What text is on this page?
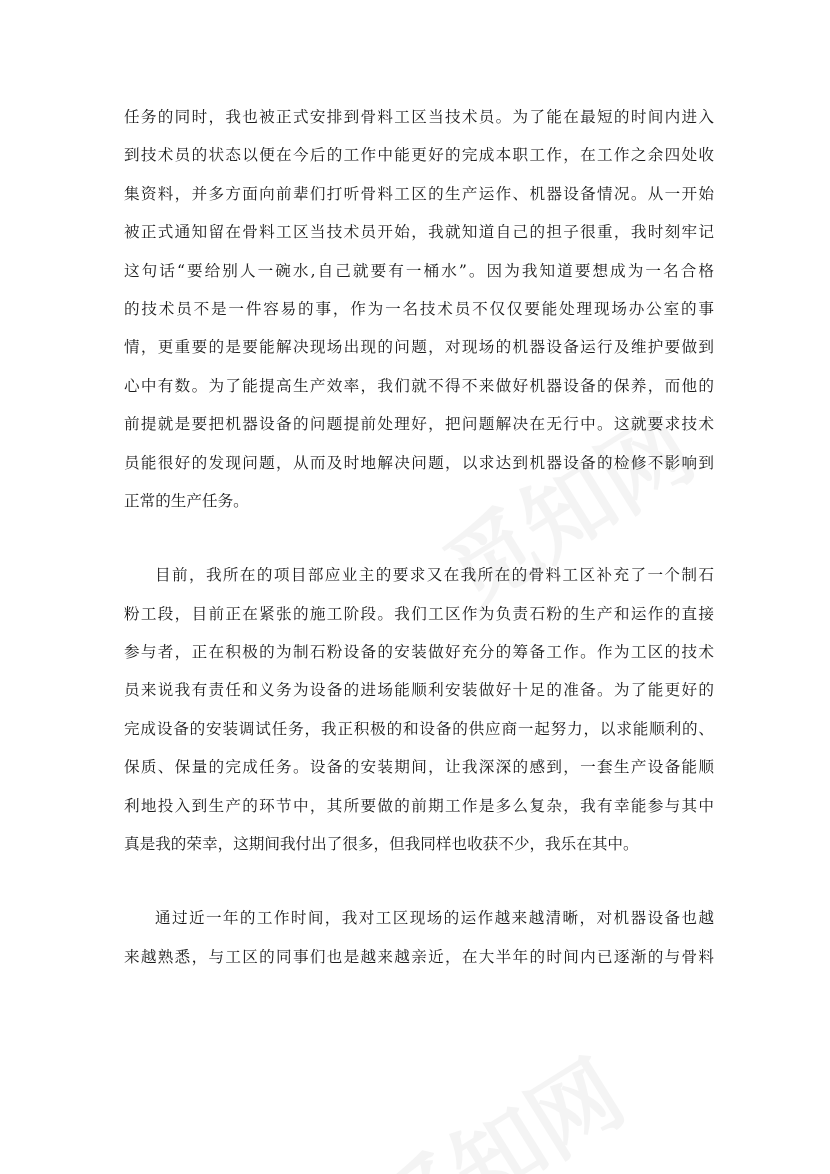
任务的同时，我也被正式安排到骨料工区当技术员。为了能在最短的时间内进入
到技术员的状态以便在今后的工作中能更好的完成本职工作，在工作之余四处收
集资料，并多方面向前辈们打听骨料工区的生产运作、机器设备情况。从一开始
被正式通知留在骨料工区当技术员开始，我就知道自己的担子很重，我时刻牢记
这句话“要给别人一碗水,自己就要有一桶水”。因为我知道要想成为一名合格
的技术员不是一件容易的事，作为一名技术员不仅仅要能处理现场办公室的事
情，更重要的是要能解决现场出现的问题，对现场的机器设备运行及维护要做到
心中有数。为了能提高生产效率，我们就不得不来做好机器设备的保养，而他的
前提就是要把机器设备的问题提前处理好，把问题解决在无行中。这就要求技术
员能很好的发现问题，从而及时地解决问题，以求达到机器设备的检修不影响到
正常的生产任务。
目前，我所在的项目部应业主的要求又在我所在的骨料工区补充了一个制石
粉工段，目前正在紧张的施工阶段。我们工区作为负责石粉的生产和运作的直接
参与者，正在积极的为制石粉设备的安装做好充分的筹备工作。作为工区的技术
员来说我有责任和义务为设备的进场能顺利安装做好十足的准备。为了能更好的
完成设备的安装调试任务，我正积极的和设备的供应商一起努力，以求能顺利的、
保质、保量的完成任务。设备的安装期间，让我深深的感到，一套生产设备能顺
利地投入到生产的环节中，其所要做的前期工作是多么复杂，我有幸能参与其中
真是我的荣幸，这期间我付出了很多，但我同样也收获不少，我乐在其中。
通过近一年的工作时间，我对工区现场的运作越来越清晰，对机器设备也越
来越熟悉，与工区的同事们也是越来越亲近，在大半年的时间内已逐渐的与骨料
